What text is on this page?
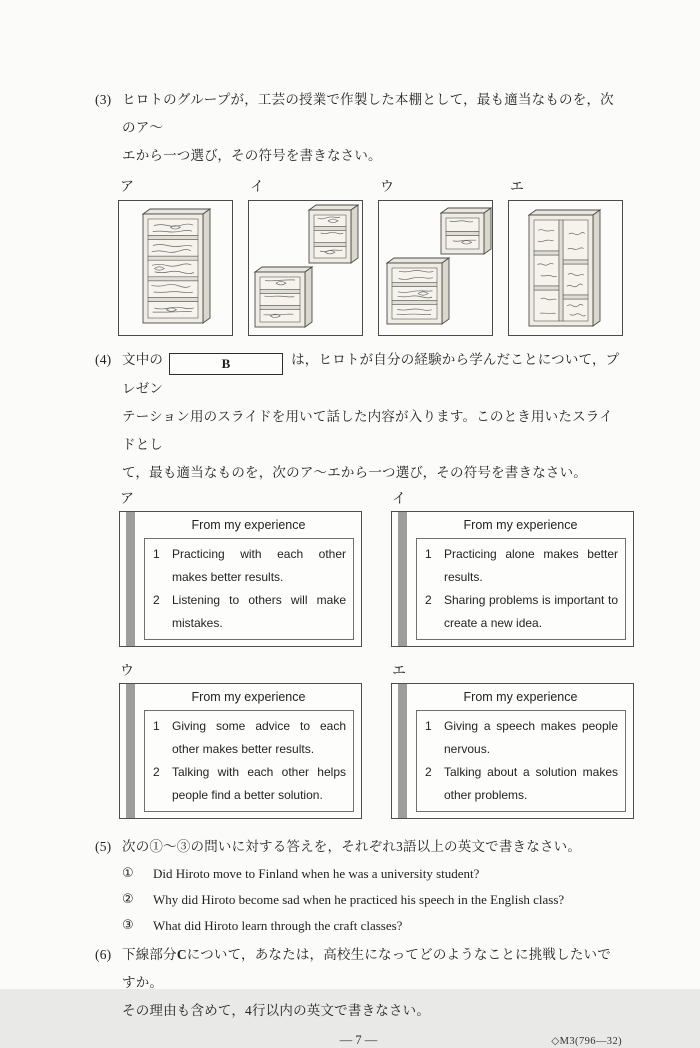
(3) ヒロトのグループが，工芸の授業で作製した本棚として，最も適当なものを，次のア～
エから一つ選び，その符号を書きなさい。
ア	イ	ウ	エ
(4) 文中の	B	は，ヒロトが自分の経験から学んだことについて，プレゼン
テーション用のスライドを用いて話した内容が入ります。このとき用いたスライドとし
て，最も適当なものを，次のア～エから一つ選び，その符号を書きなさい。
ア
From my experience
1	Practicing with each other makes better results.
2	Listening to others will make mistakes.
イ
From my experience
1	Practicing alone makes better results.
2	Sharing problems is important to create a new idea.
ウ
From my experience
1	Giving some advice to each other makes better results.
2	Talking with each other helps people find a better solution.
エ
From my experience
1	Giving a speech makes people nervous.
2	Talking about a solution makes other problems.
(5) 次の①～③の問いに対する答えを，それぞれ3語以上の英文で書きなさい。
①	Did Hiroto move to Finland when he was a university student?
②	Why did Hiroto become sad when he practiced his speech in the English class?
③	What did Hiroto learn through the craft classes?
(6) 下線部分Cについて，あなたは，高校生になってどのようなことに挑戦したいですか。
その理由も含めて，4行以内の英文で書きなさい。
— 7 —	◇M3(796—32)
